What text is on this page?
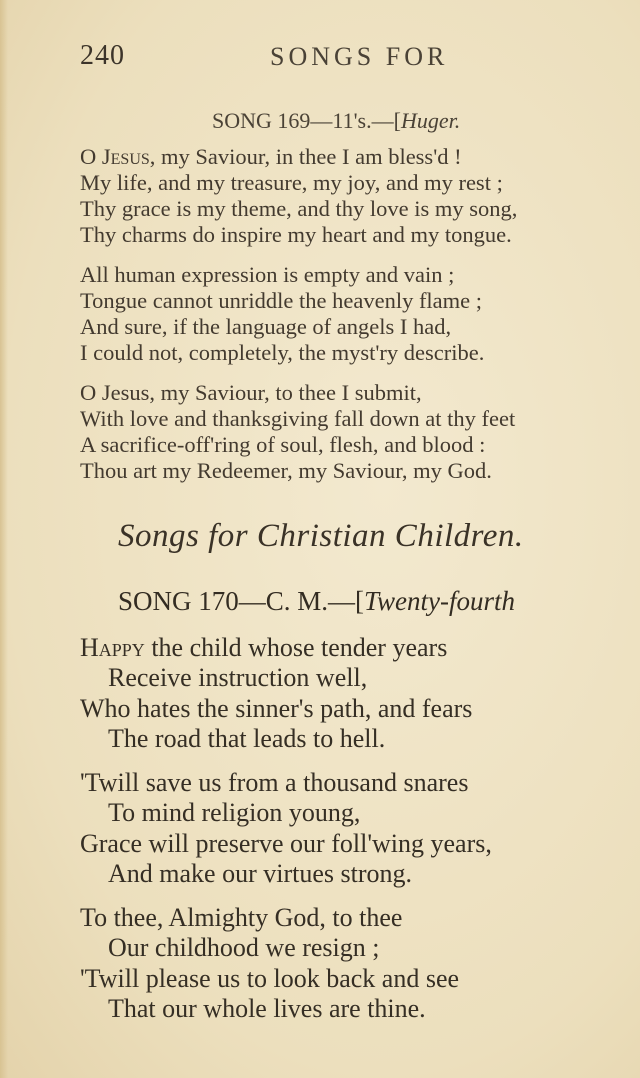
240	SONGS FOR
SONG 169—11's.—[Huger.
O Jesus, my Saviour, in thee I am bless'd !
My life, and my treasure, my joy, and my rest ;
Thy grace is my theme, and thy love is my song,
Thy charms do inspire my heart and my tongue.
All human expression is empty and vain ;
Tongue cannot unriddle the heavenly flame ;
And sure, if the language of angels I had,
I could not, completely, the myst'ry describe.
O Jesus, my Saviour, to thee I submit,
With love and thanksgiving fall down at thy feet
A sacrifice-off'ring of soul, flesh, and blood :
Thou art my Redeemer, my Saviour, my God.
Songs for Christian Children.
SONG 170—C. M.—[Twenty-fourth
Happy the child whose tender years
Receive instruction well,
Who hates the sinner's path, and fears
The road that leads to hell.
'Twill save us from a thousand snares
To mind religion young,
Grace will preserve our foll'wing years,
And make our virtues strong.
To thee, Almighty God, to thee
Our childhood we resign ;
'Twill please us to look back and see
That our whole lives are thine.
